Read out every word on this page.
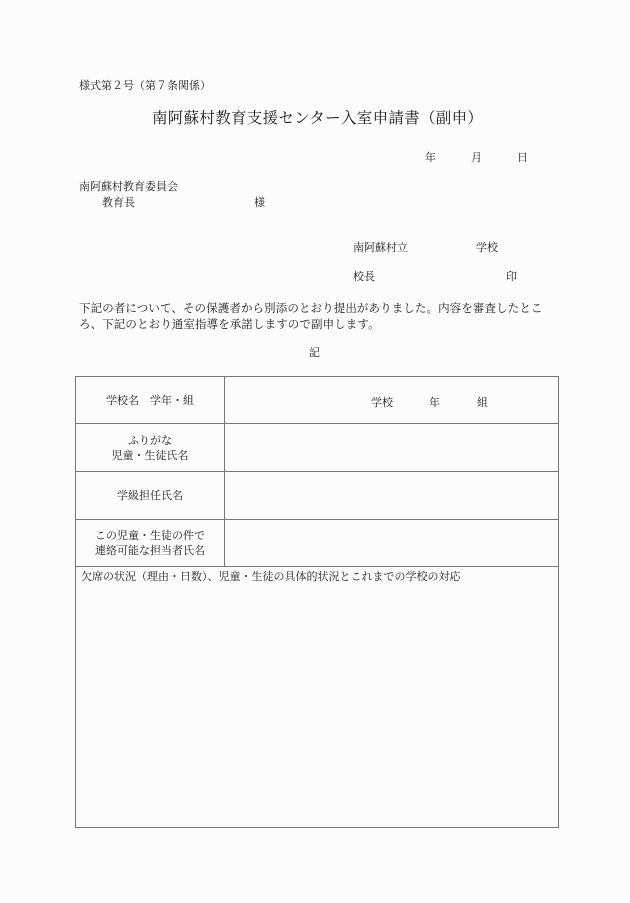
様式第２号（第７条関係）
南阿蘇村教育支援センター入室申請書（副申）
年	月	日
南阿蘇村教育委員会
教育長	様
南阿蘇村立	学校
校長	印
下記の者について、その保護者から別添のとおり提出がありました。内容を審査したところ、下記のとおり通室指導を承諾しますので副申します。
記
学校名　学年・組	学校	年	組
ふりがな
児童・生徒氏名
学級担任氏名
この児童・生徒の件で
連絡可能な担当者氏名
欠席の状況（理由・日数）、児童・生徒の具体的状況とこれまでの学校の対応
